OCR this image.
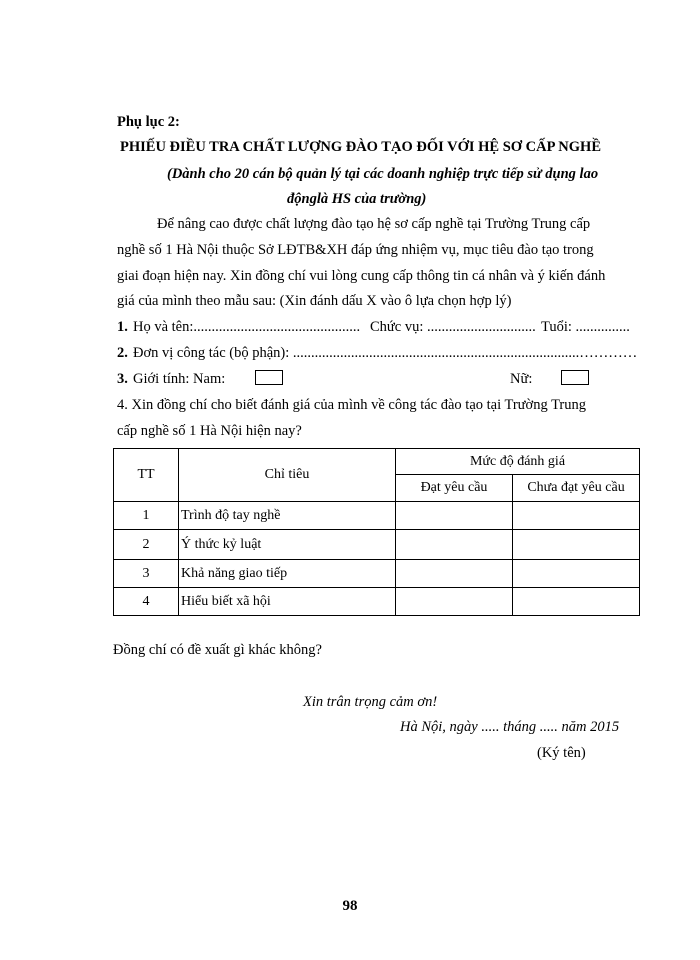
Phụ lục 2:
PHIẾU ĐIỀU TRA CHẤT LƯỢNG ĐÀO TẠO ĐỐI VỚI HỆ SƠ CẤP NGHỀ
(Dành cho 20 cán bộ quản lý tại các doanh nghiệp trực tiếp sử dụng lao
độnglà HS của trường)
Để nâng cao được chất lượng đào tạo hệ sơ cấp nghề tại Trường Trung cấp
nghề số 1 Hà Nội thuộc Sở LĐTB&XH đáp ứng nhiệm vụ, mục tiêu đào tạo trong
giai đoạn hiện nay. Xin đồng chí vui lòng cung cấp thông tin cá nhân và ý kiến đánh
giá của mình theo mẫu sau: (Xin đánh dấu X vào ô lựa chọn hợp lý)
1. Họ và tên:.............................................. Chức vụ: .............................. Tuổi: ...............
2. Đơn vị công tác (bộ phận): ...............................................................................…………
3. Giới tính: Nam:	Nữ:
4. Xin đồng chí cho biết đánh giá của mình về công tác đào tạo tại Trường Trung
cấp nghề số 1 Hà Nội hiện nay?
TT	Chỉ tiêu	Mức độ đánh giá	
		Đạt yêu cầu	Chưa đạt yêu cầu
1	Trình độ tay nghề		
2	Ý thức kỷ luật		
3	Khả năng giao tiếp		
4	Hiểu biết xã hội		
Đồng chí có đề xuất gì khác không?
Xin trân trọng cảm ơn!
Hà Nội, ngày ..... tháng ..... năm 2015
(Ký tên)
98
